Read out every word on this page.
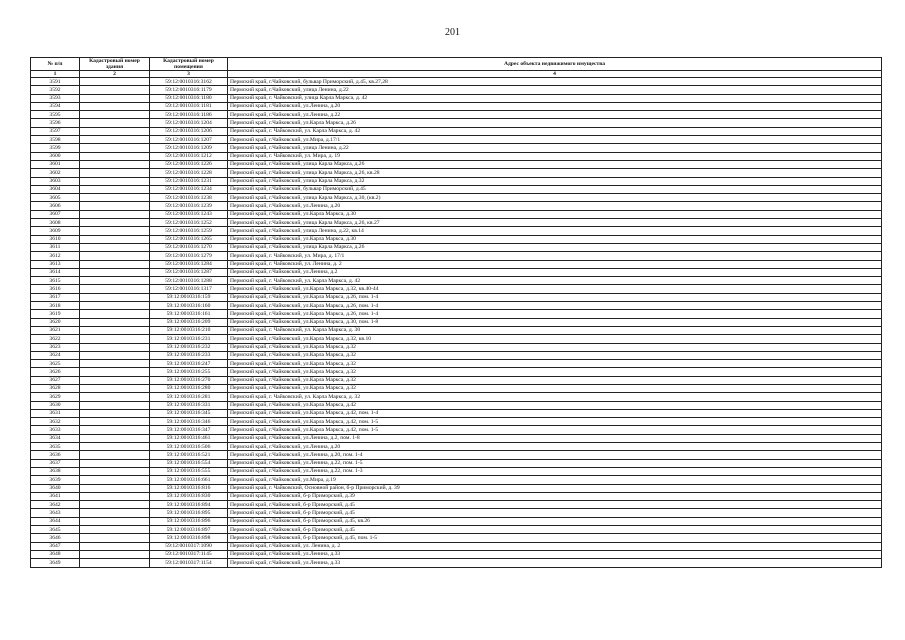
201
№ п/п	Кадастровый номер здания	Кадастровый номер помещения	Адрес объекта недвижимого имущества
1	2	3	4
3591		59:12:0010316:3162	Пермский край, г.Чайковский, бульвар Приморский, д.45, кв.27,28
3592		59:12:0010316:1179	Пермский край, г.Чайковский, улица Ленина, д.22
3593		59:12:0010316:1180	Пермский край, г. Чайковский, улица Карла Маркса, д. 42
3594		59:12:0010316:1181	Пермский край, г.Чайковский, ул.Ленина, д.20
3595		59:12:0010316:1186	Пермский край, г.Чайковский, ул.Ленина, д.22
3596		59:12:0010316:1204	Пермский край, г.Чайковский, ул.Карла Маркса, д.26
3597		59:12:0010316:1206	Пермский край, г. Чайковский, ул. Карла Маркса, д. 42
3598		59:12:0010316:1207	Пермский край, г.Чайковский, ул.Мира, д.17/1
3599		59:12:0010316:1209	Пермский край, г.Чайковский, улица Ленина, д.22
3600		59:12:0010316:1212	Пермский край, г. Чайковский, ул. Мира, д. 19
3601		59:12:0010316:1226	Пермский край, г.Чайковский, улица Карла Маркса, д.26
3602		59:12:0010316:1228	Пермский край, г.Чайковский, улица Карла Маркса, д.26, кв.28
3603		59:12:0010316:1231	Пермский край, г.Чайковский, улица Карла Маркса, д.32
3604		59:12:0010316:1234	Пермский край, г.Чайковский, бульвар Приморский, д.45
3605		59:12:0010316:1238	Пермский край, г.Чайковский, улица Карла Маркса, д.30, (кв.2)
3606		59:12:0010316:1239	Пермский край, г.Чайковский, ул.Ленина, д.20
3607		59:12:0010316:1243	Пермский край, г.Чайковский, ул.Карла Маркса, д.30
3608		59:12:0010316:1252	Пермский край, г.Чайковский, улица Карла Маркса, д.26, кв.27
3609		59:12:0010316:1259	Пермский край, г.Чайковский, улица Ленина, д.22, кв.14
3610		59:12:0010316:1265	Пермский край, г.Чайковский, ул.Карла Маркса, д.30
3611		59:12:0010316:1270	Пермский край, г.Чайковский, улица Карла Маркса, д.26
3612		59:12:0010316:1279	Пермский край, г. Чайковский, ул. Мира, д. 17/1
3613		59:12:0010316:1284	Пермский край, г. Чайковский, ул. Ленина, д. 2
3614		59:12:0010316:1287	Пермский край, г.Чайковский, ул.Ленина, д.2
3615		59:12:0010316:1288	Пермский край, г. Чайковский, ул. Карла Маркса, д. 42
3616		59:12:0010316:1317	Пермский край, г.Чайковский, ул.Карла Маркса, д.32, кв.40-44
3617		59:12:0010316:159	Пермский край, г.Чайковский, ул.Карла Маркса, д.26, пом. 1-4
3618		59:12:0010316:160	Пермский край, г.Чайковский, ул.Карла Маркса, д.26, пом. 1-4
3619		59:12:0010316:161	Пермский край, г.Чайковский, ул.Карла Маркса, д.26, пом. 1-4
3620		59:12:0010316:209	Пермский край, г.Чайковский, ул.Карла Маркса, д.30, пом. 1-8
3621		59:12:0010316:210	Пермский край, г. Чайковский, ул. Карла Маркса, д. 30
3622		59:12:0010316:231	Пермский край, г.Чайковский, ул.Карла Маркса, д.32, кв.10
3623		59:12:0010316:232	Пермский край, г.Чайковский, ул.Карла Маркса, д.32
3624		59:12:0010316:233	Пермский край, г.Чайковский, ул.Карла Маркса, д.32
3625		59:12:0010316:247	Пермский край, г.Чайковский, ул.Карла Маркса, д.32
3626		59:12:0010316:255	Пермский край, г.Чайковский, ул.Карла Маркса, д.32
3627		59:12:0010316:270	Пермский край, г.Чайковский, ул.Карла Маркса, д.32
3628		59:12:0010316:280	Пермский край, г.Чайковский, ул.Карла Маркса, д.32
3629		59:12:0010316:281	Пермский край, г. Чайковский, ул. Карла Маркса, д. 32
3630		59:12:0010316:331	Пермский край, г.Чайковский, ул.Карла Маркса, д.42
3631		59:12:0010316:345	Пермский край, г.Чайковский, ул.Карла Маркса, д.42, пом. 1-4
3632		59:12:0010316:346	Пермский край, г.Чайковский, ул.Карла Маркса, д.42, пом. 1-5
3633		59:12:0010316:347	Пермский край, г.Чайковский, ул.Карла Маркса, д.42, пом. 1-5
3634		59:12:0010316:461	Пермский край, г.Чайковский, ул.Ленина, д.2, пом. 1-8
3635		59:12:0010316:506	Пермский край, г.Чайковский, ул.Ленина, д.20
3636		59:12:0010316:521	Пермский край, г.Чайковский, ул.Ленина, д.20, пом. 1-4
3637		59:12:0010316:554	Пермский край, г.Чайковский, ул.Ленина, д.22, пом. 1-5
3638		59:12:0010316:555	Пермский край, г.Чайковский, ул.Ленина, д.22, пом. 1-3
3639		59:12:0010316:661	Пермский край, г.Чайковский, ул.Мира, д.19
3640		59:12:0010316:816	Пермский край, г. Чайковский, Основной район, б-р Приморский, д. 39
3641		59:12:0010316:830	Пермский край, г.Чайковский, б-р Приморский, д.39
3642		59:12:0010316:894	Пермский край, г.Чайковский, б-р Приморский, д.45
3643		59:12:0010316:895	Пермский край, г.Чайковский, б-р Приморский, д.45
3644		59:12:0010316:896	Пермский край, г.Чайковский, б-р Приморский, д.45, кв.26
3645		59:12:0010316:897	Пермский край, г.Чайковский, б-р Приморский, д.45
3646		59:12:0010316:898	Пермский край, г.Чайковский, б-р Приморский, д.45, пом. 1-5
3647		59:12:0010317:1090	Пермский край, г.Чайковский, ул. Ленина, д. 2
3648		59:12:0010317:1145	Пермский край, г.Чайковский, ул.Ленина, д.33
3649		59:12:0010317:1154	Пермский край, г.Чайковский, ул.Ленина, д.33
